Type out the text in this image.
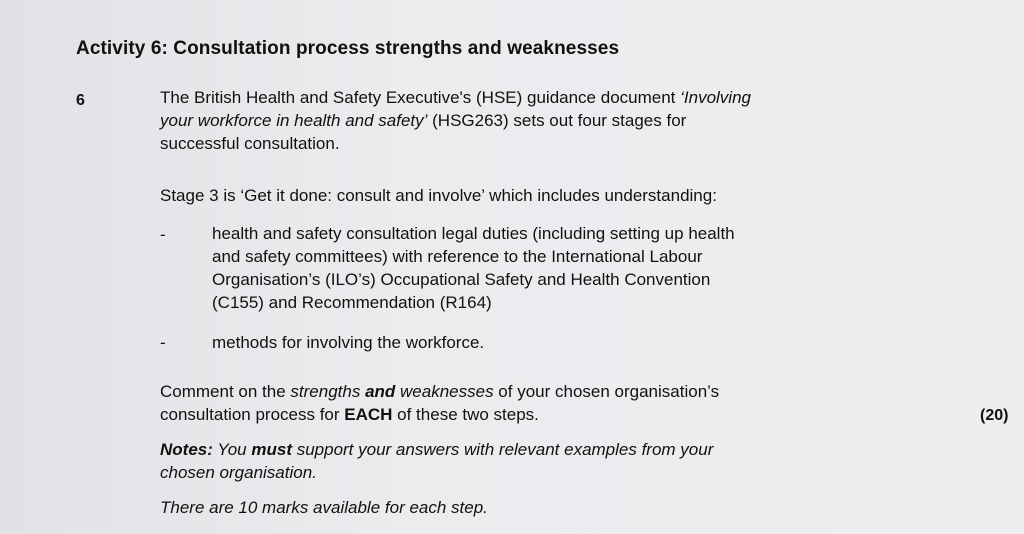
Activity 6: Consultation process strengths and weaknesses
6	The British Health and Safety Executive's (HSE) guidance document ‘Involving
your workforce in health and safety’ (HSG263) sets out four stages for
successful consultation.
Stage 3 is ‘Get it done: consult and involve’ which includes understanding:
-	health and safety consultation legal duties (including setting up health
and safety committees) with reference to the International Labour
Organisation’s (ILO’s) Occupational Safety and Health Convention
(C155) and Recommendation (R164)
-	methods for involving the workforce.
Comment on the strengths and weaknesses of your chosen organisation’s
consultation process for EACH of these two steps.	(20)
Notes: You must support your answers with relevant examples from your
chosen organisation.
There are 10 marks available for each step.
